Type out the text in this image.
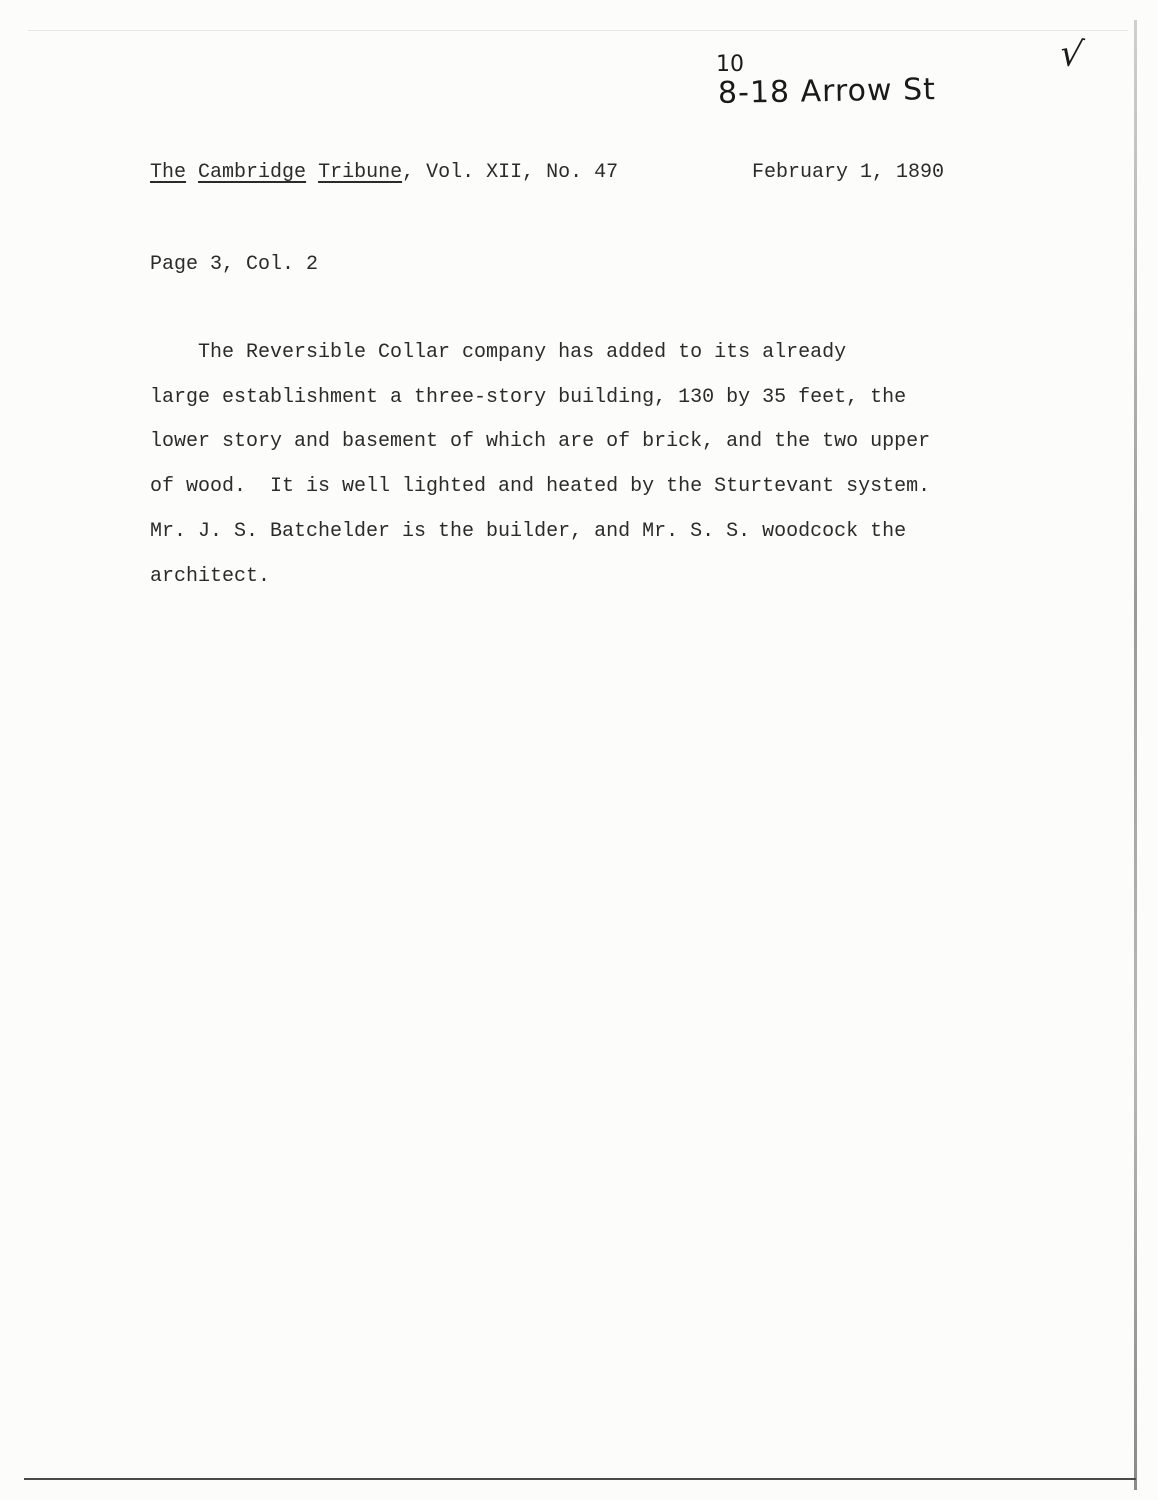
10
8-18 Arrow St
√
The Cambridge Tribune, Vol. XII, No. 47	February 1, 1890
Page 3, Col. 2
The Reversible Collar company has added to its already
large establishment a three-story building, 130 by 35 feet, the
lower story and basement of which are of brick, and the two upper
of wood.  It is well lighted and heated by the Sturtevant system.
Mr. J. S. Batchelder is the builder, and Mr. S. S. woodcock the
architect.
